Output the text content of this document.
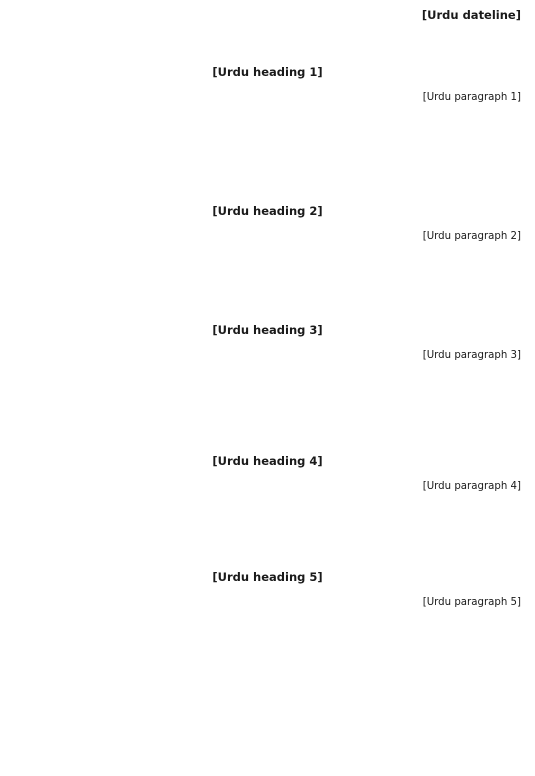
[Urdu dateline]
[Urdu heading 1]
[Urdu paragraph 1]
[Urdu heading 2]
[Urdu paragraph 2]
[Urdu heading 3]
[Urdu paragraph 3]
[Urdu heading 4]
[Urdu paragraph 4]
[Urdu heading 5]
[Urdu paragraph 5]
